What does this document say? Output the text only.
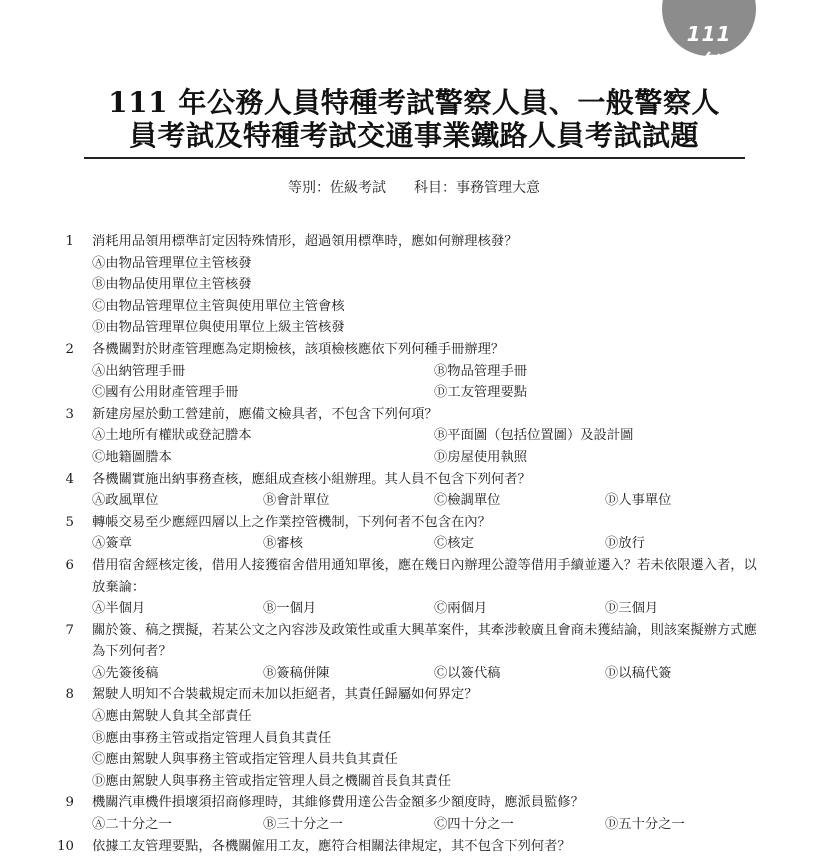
111 年
111 年公務人員特種考試警察人員、一般警察人
員考試及特種考試交通事業鐵路人員考試試題
等別：佐級考試　　科目：事務管理大意
1 消耗用品領用標準訂定因特殊情形，超過領用標準時，應如何辦理核發？
Ⓐ由物品管理單位主管核發
Ⓑ由物品使用單位主管核發
Ⓒ由物品管理單位主管與使用單位主管會核
Ⓓ由物品管理單位與使用單位上級主管核發
2 各機關對於財產管理應為定期檢核，該項檢核應依下列何種手冊辦理？
Ⓐ出納管理手冊	Ⓑ物品管理手冊
Ⓒ國有公用財產管理手冊	Ⓓ工友管理要點
3 新建房屋於動工營建前，應備文檢具者，不包含下列何項？
Ⓐ土地所有權狀或登記謄本	Ⓑ平面圖（包括位置圖）及設計圖
Ⓒ地籍圖謄本	Ⓓ房屋使用執照
4 各機關實施出納事務查核，應組成查核小組辦理。其人員不包含下列何者？
Ⓐ政風單位	Ⓑ會計單位	Ⓒ檢調單位	Ⓓ人事單位
5 轉帳交易至少應經四層以上之作業控管機制，下列何者不包含在內？
Ⓐ簽章	Ⓑ審核	Ⓒ核定	Ⓓ放行
6 借用宿舍經核定後，借用人接獲宿舍借用通知單後，應在幾日內辦理公證等借用手續並遷入？若未依限遷入者，以放棄論：
Ⓐ半個月	Ⓑ一個月	Ⓒ兩個月	Ⓓ三個月
7 關於簽、稿之撰擬，若某公文之內容涉及政策性或重大興革案件，其牽涉較廣且會商未獲結論，則該案擬辦方式應為下列何者？
Ⓐ先簽後稿	Ⓑ簽稿併陳	Ⓒ以簽代稿	Ⓓ以稿代簽
8 駕駛人明知不合裝載規定而未加以拒絕者，其責任歸屬如何界定？
Ⓐ應由駕駛人負其全部責任
Ⓑ應由事務主管或指定管理人員負其責任
Ⓒ應由駕駛人與事務主管或指定管理人員共負其責任
Ⓓ應由駕駛人與事務主管或指定管理人員之機關首長負其責任
9 機關汽車機件損壞須招商修理時，其維修費用達公告金額多少額度時，應派員監修？
Ⓐ二十分之一	Ⓑ三十分之一	Ⓒ四十分之一	Ⓓ五十分之一
10 依據工友管理要點，各機關僱用工友，應符合相關法律規定，其不包含下列何者？
